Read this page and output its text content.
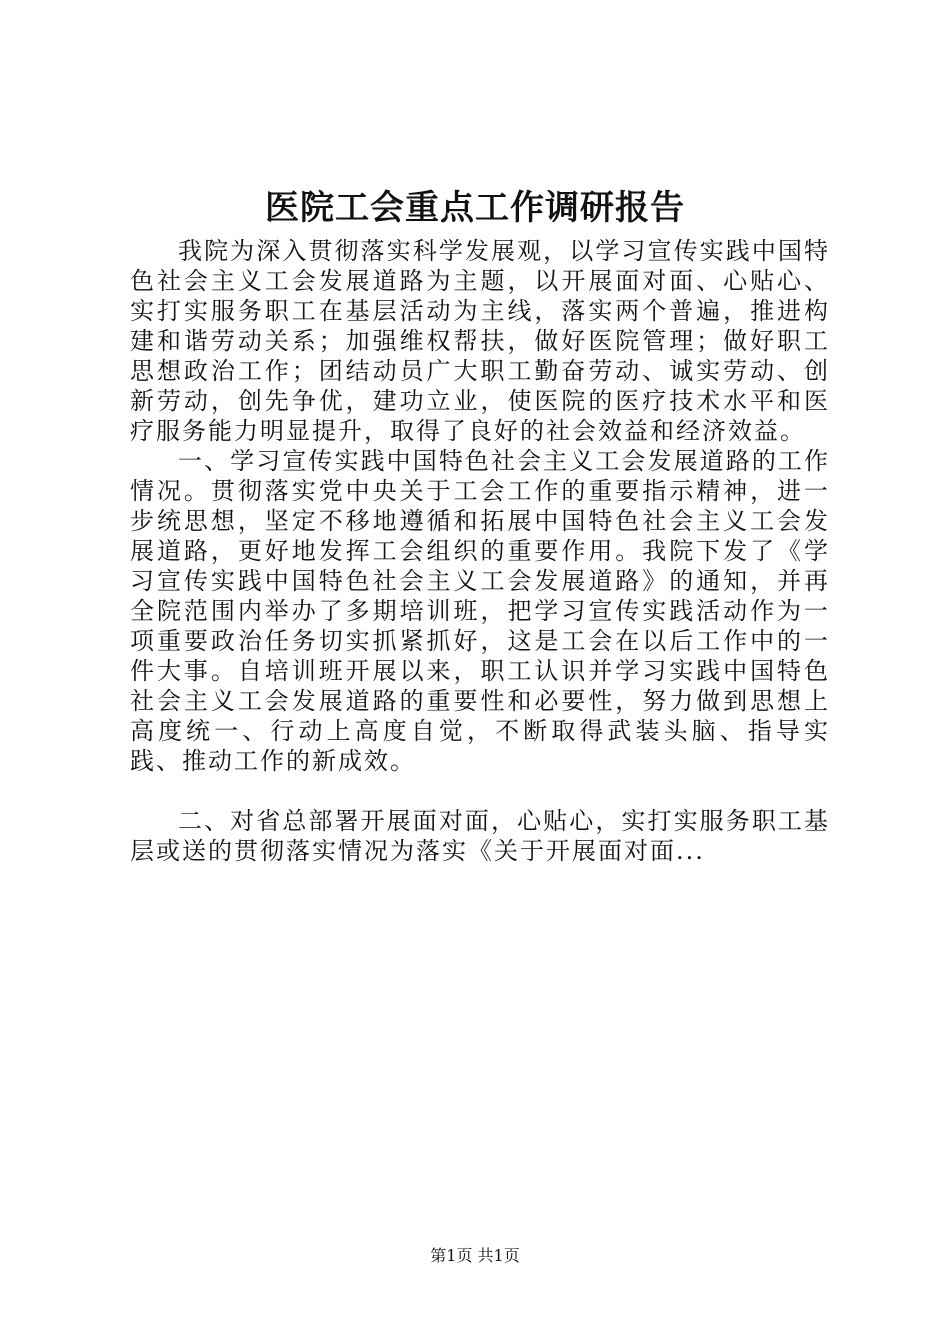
医院工会重点工作调研报告

我院为深入贯彻落实科学发展观，以学习宣传实践中国特色社会主义工会发展道路为主题，以开展面对面、心贴心、实打实服务职工在基层活动为主线，落实两个普遍，推进构建和谐劳动关系；加强维权帮扶，做好医院管理；做好职工思想政治工作；团结动员广大职工勤奋劳动、诚实劳动、创新劳动，创先争优，建功立业，使医院的医疗技术水平和医疗服务能力明显提升，取得了良好的社会效益和经济效益。

一、学习宣传实践中国特色社会主义工会发展道路的工作情况。贯彻落实党中央关于工会工作的重要指示精神，进一步统思想，坚定不移地遵循和拓展中国特色社会主义工会发展道路，更好地发挥工会组织的重要作用。我院下发了《学习宣传实践中国特色社会主义工会发展道路》的通知，并再全院范围内举办了多期培训班，把学习宣传实践活动作为一项重要政治任务切实抓紧抓好，这是工会在以后工作中的一件大事。自培训班开展以来，职工认识并学习实践中国特色社会主义工会发展道路的重要性和必要性，努力做到思想上高度统一、行动上高度自觉，不断取得武装头脑、指导实践、推动工作的新成效。

二、对省总部署开展面对面，心贴心，实打实服务职工基层或送的贯彻落实情况为落实《关于开展面对面...

第1页 共1页
